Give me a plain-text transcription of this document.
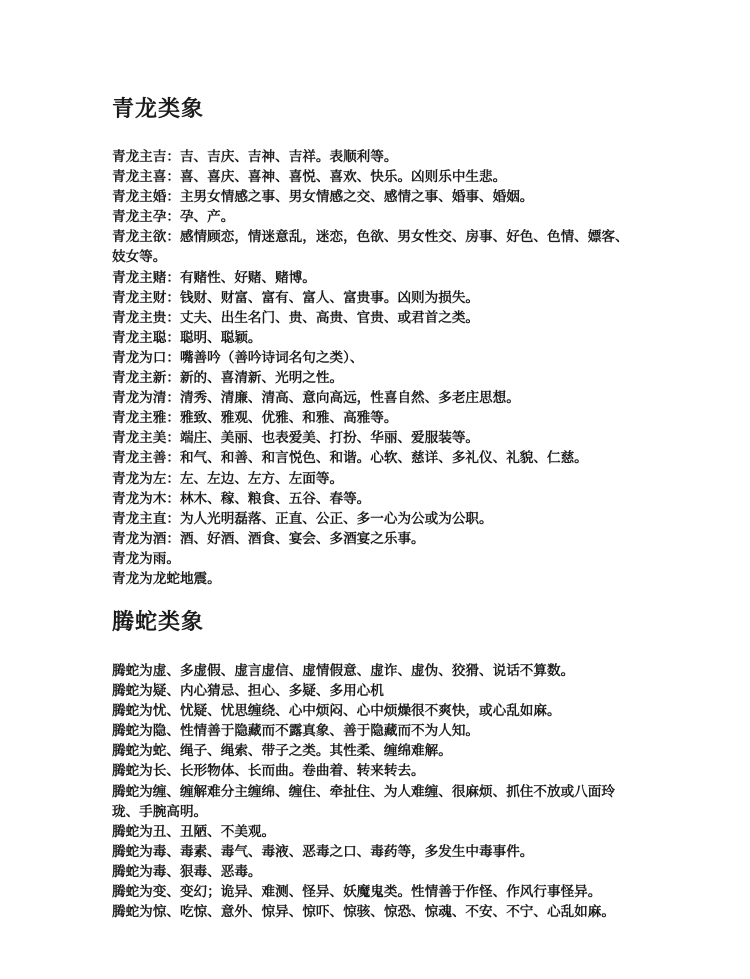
青龙类象
青龙主吉：吉、吉庆、吉神、吉祥。表顺利等。
青龙主喜：喜、喜庆、喜神、喜悦、喜欢、快乐。凶则乐中生悲。
青龙主婚：主男女情感之事、男女情感之交、感情之事、婚事、婚姻。
青龙主孕：孕、产。
青龙主欲：感情顾恋，情迷意乱，迷恋，色欲、男女性交、房事、好色、色情、嫖客、妓女等。
青龙主赌：有赌性、好赌、赌博。
青龙主财：钱财、财富、富有、富人、富贵事。凶则为损失。
青龙主贵：丈夫、出生名门、贵、高贵、官贵、或君首之类。
青龙主聪：聪明、聪颖。
青龙为口：嘴善吟（善吟诗词名句之类）、
青龙主新：新的、喜清新、光明之性。
青龙为清：清秀、清廉、清高、意向高远，性喜自然、多老庄思想。
青龙主雅：雅致、雅观、优雅、和雅、高雅等。
青龙主美：端庄、美丽、也表爱美、打扮、华丽、爱服装等。
青龙主善：和气、和善、和言悦色、和谐。心软、慈详、多礼仪、礼貌、仁慈。
青龙为左：左、左边、左方、左面等。
青龙为木：林木、稼、粮食、五谷、春等。
青龙主直：为人光明磊落、正直、公正、多一心为公或为公职。
青龙为酒：酒、好酒、酒食、宴会、多酒宴之乐事。
青龙为雨。
青龙为龙蛇地震。
腾蛇类象
腾蛇为虚、多虚假、虚言虚信、虚情假意、虚诈、虚伪、狡猾、说话不算数。
腾蛇为疑、内心猜忌、担心、多疑、多用心机
腾蛇为忧、忧疑、忧思缠绕、心中烦闷、心中烦燥很不爽快，或心乱如麻。
腾蛇为隐、性情善于隐藏而不露真象、善于隐藏而不为人知。
腾蛇为蛇、绳子、绳索、带子之类。其性柔、缠绵难解。
腾蛇为长、长形物体、长而曲。卷曲着、转来转去。
腾蛇为缠、缠解难分主缠绵、缠住、牵扯住、为人难缠、很麻烦、抓住不放或八面玲珑、手腕高明。
腾蛇为丑、丑陋、不美观。
腾蛇为毒、毒素、毒气、毒液、恶毒之口、毒药等，多发生中毒事件。
腾蛇为毒、狠毒、恶毒。
腾蛇为变、变幻；诡异、难测、怪异、妖魔鬼类。性情善于作怪、作风行事怪异。
腾蛇为惊、吃惊、意外、惊异、惊吓、惊骇、惊恐、惊魂、不安、不宁、心乱如麻。
